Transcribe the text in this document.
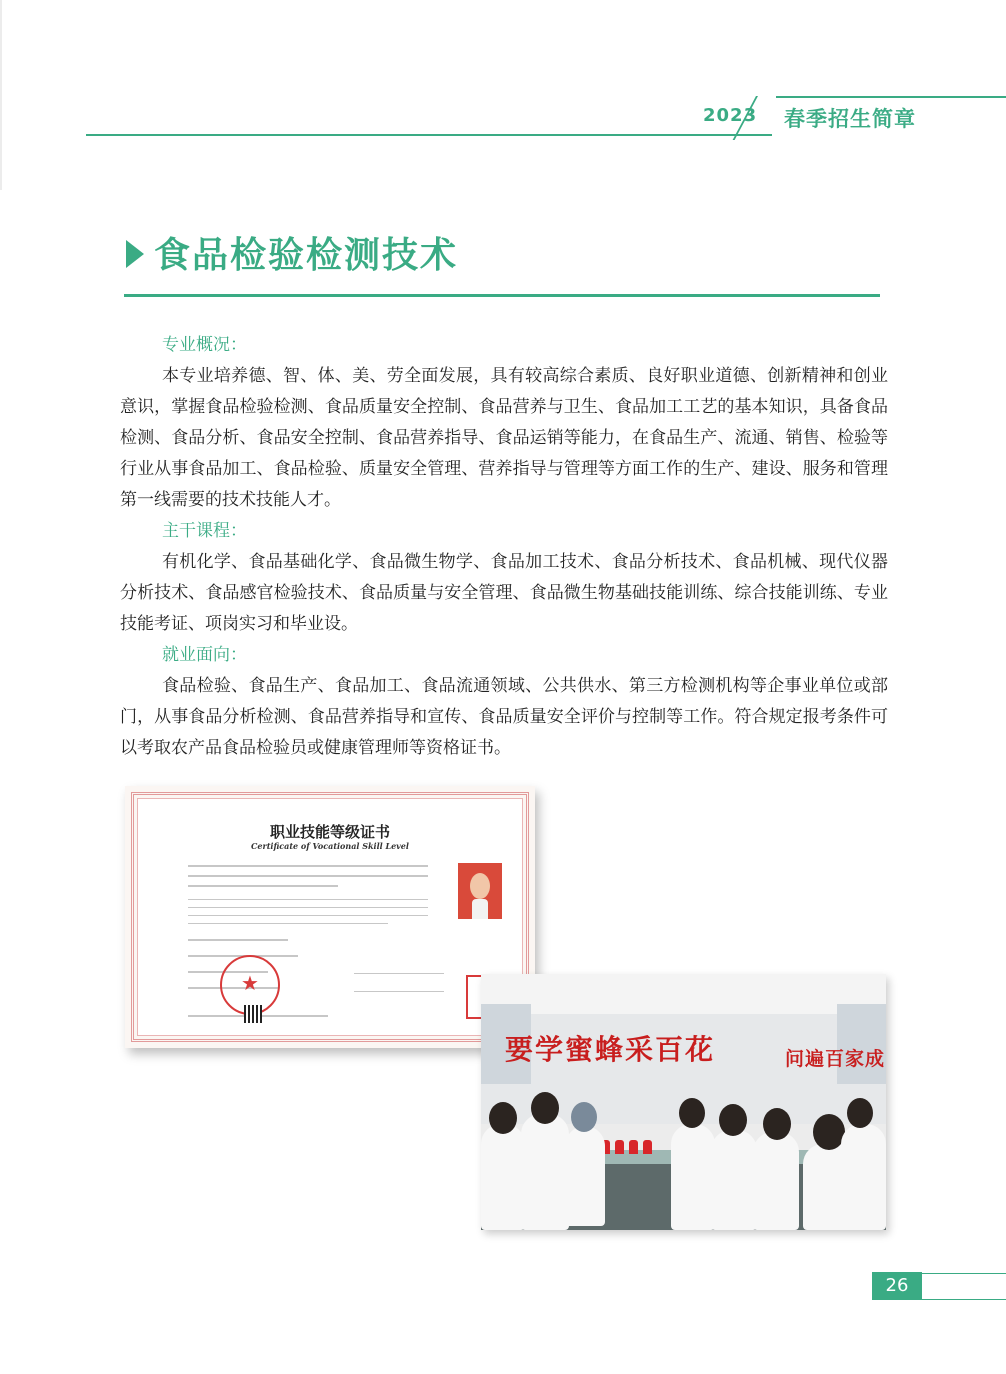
2023 春季招生简章
食品检验检测技术
专业概况：

本专业培养德、智、体、美、劳全面发展，具有较高综合素质、良好职业道德、创新精神和创业意识，掌握食品检验检测、食品质量安全控制、食品营养与卫生、食品加工工艺的基本知识，具备食品检测、食品分析、食品安全控制、食品营养指导、食品运销等能力，在食品生产、流通、销售、检验等行业从事食品加工、食品检验、质量安全管理、营养指导与管理等方面工作的生产、建设、服务和管理第一线需要的技术技能人才。

主干课程：

有机化学、食品基础化学、食品微生物学、食品加工技术、食品分析技术、食品机械、现代仪器分析技术、食品感官检验技术、食品质量与安全管理、食品微生物基础技能训练、综合技能训练、专业技能考证、项岗实习和毕业设。

就业面向：

食品检验、食品生产、食品加工、食品流通领域、公共供水、第三方检测机构等企事业单位或部门，从事食品分析检测、食品营养指导和宣传、食品质量安全评价与控制等工作。符合规定报考条件可以考取农产品食品检验员或健康管理师等资格证书。

职业技能等级证书
Certificate of Vocational Skill Level
★
要学蜜蜂采百花	问遍百家成
26
